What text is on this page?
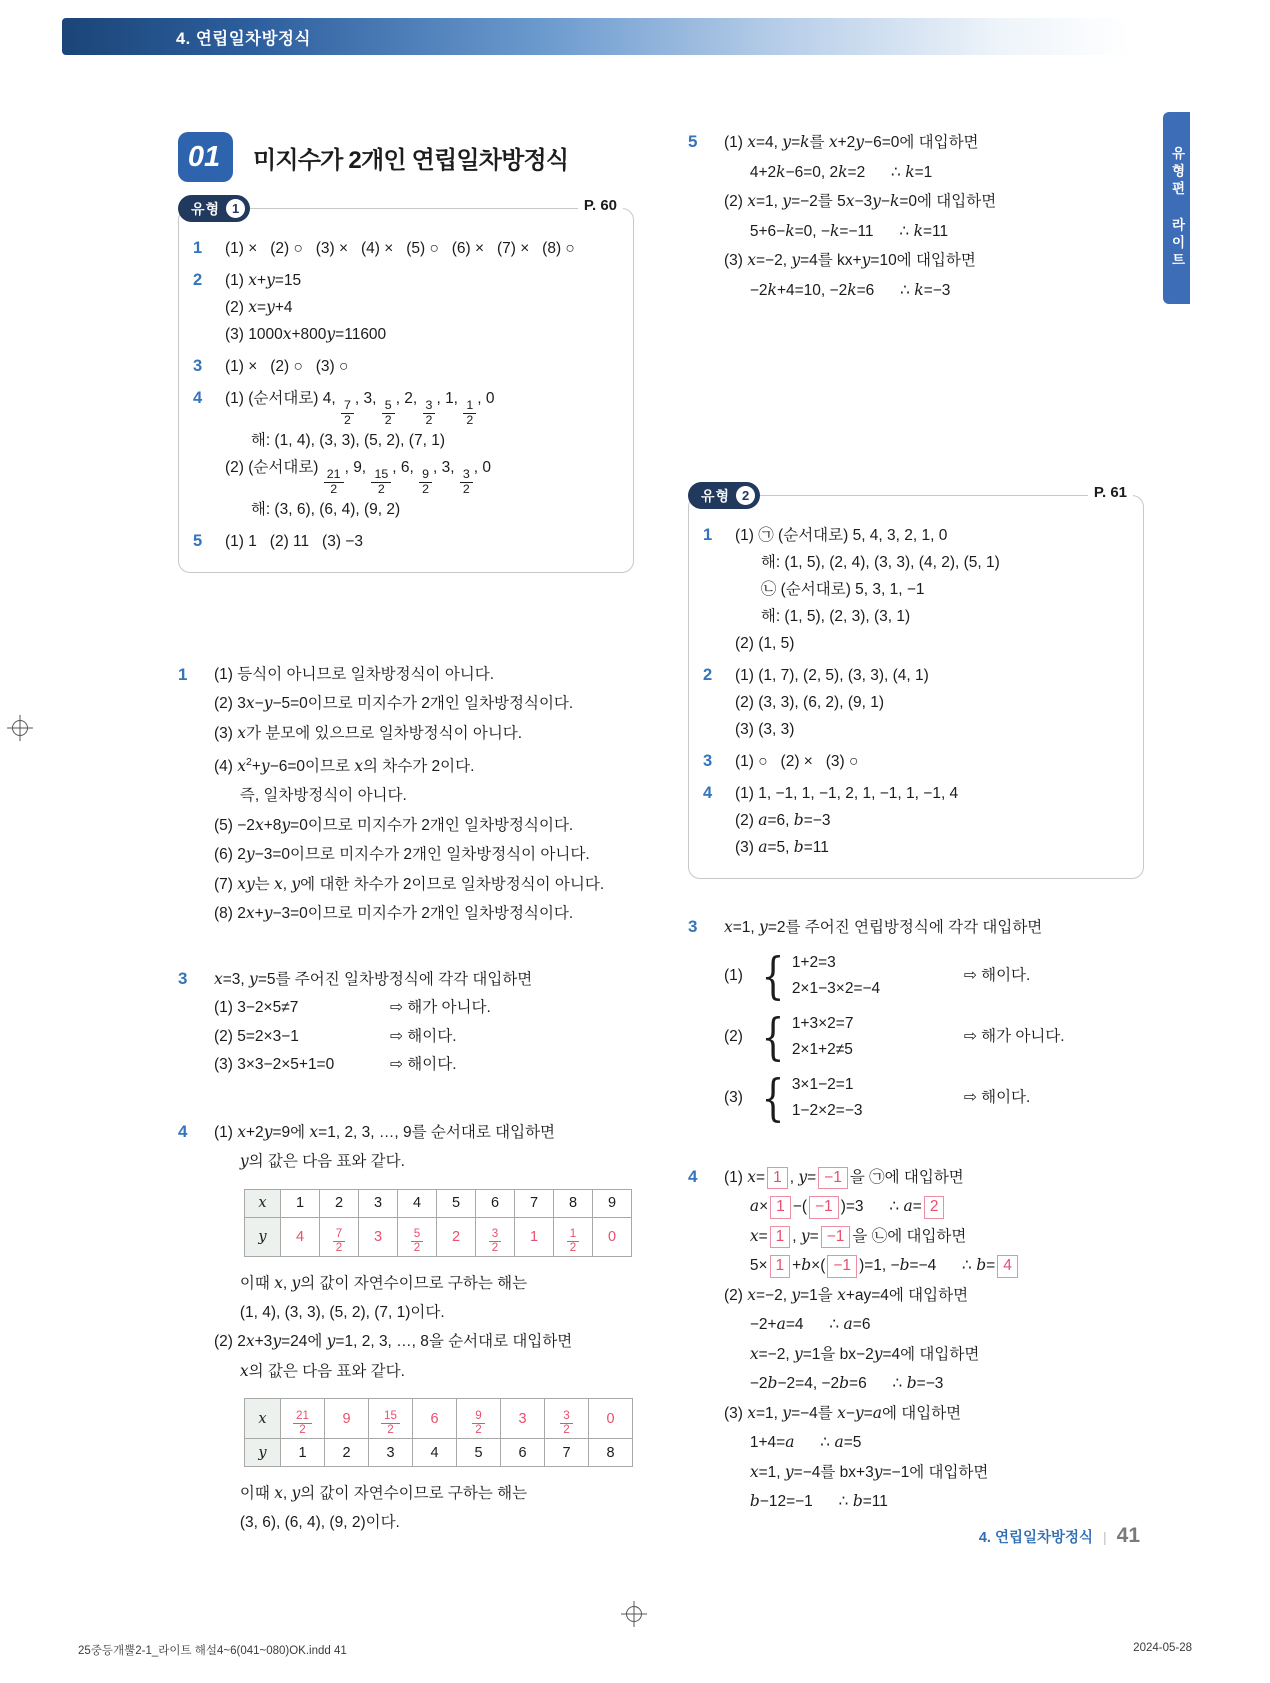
4. 연립일차방정식
유형편 라이트
01	미지수가 2개인 연립일차방정식
유형 1	P. 60
1	(1) ×   (2) ○   (3) ×   (4) ×   (5) ○   (6) ×   (7) ×   (8) ○
2	(1) x+y=15
(2) x=y+4
(3) 1000x+800y=11600
3	(1) ×   (2) ○   (3) ○
4	(1) (순서대로) 4,
$\frac{7}{2}$
, 3,
$\frac{5}{2}$
, 2,
$\frac{3}{2}$
, 1,
$\frac{1}{2}$
, 0
해: (1, 4), (3, 3), (5, 2), (7, 1)
(2) (순서대로)
$\frac{21}{2}$
, 9,
$\frac{15}{2}$
, 6,
$\frac{9}{2}$
, 3,
$\frac{3}{2}$
, 0
해: (3, 6), (6, 4), (9, 2)
5	(1) 1   (2) 11   (3) −3
1	(1) 등식이 아니므로 일차방정식이 아니다.
(2) 3x−y−5=0이므로 미지수가 2개인 일차방정식이다.
(3) x가 분모에 있으므로 일차방정식이 아니다.
(4) $x^2+y-6=0$이므로 x의 차수가 2이다.
즉, 일차방정식이 아니다.
(5) −2x+8y=0이므로 미지수가 2개인 일차방정식이다.
(6) 2y−3=0이므로 미지수가 2개인 일차방정식이 아니다.
(7) xy는 x, y에 대한 차수가 2이므로 일차방정식이 아니다.
(8) 2x+y−3=0이므로 미지수가 2개인 일차방정식이다.
3	x=3, y=5를 주어진 일차방정식에 각각 대입하면
(1) 3−2×5≠7	⇨ 해가 아니다.
(2) 5=2×3−1	⇨ 해이다.
(3) 3×3−2×5+1=0	⇨ 해이다.
4	(1) x+2y=9에 x=1, 2, 3, …, 9를 순서대로 대입하면
y의 값은 다음 표와 같다.
x	1	2	3	4	5	6	7	8	9
y	4	$\frac{7}{2}$	3	$\frac{5}{2}$	2	$\frac{3}{2}$	1	$\frac{1}{2}$	0
이때 x, y의 값이 자연수이므로 구하는 해는
(1, 4), (3, 3), (5, 2), (7, 1)이다.
(2) 2x+3y=24에 y=1, 2, 3, …, 8을 순서대로 대입하면
x의 값은 다음 표와 같다.
x	$\frac{21}{2}$	9	$\frac{15}{2}$	6	$\frac{9}{2}$	3	$\frac{3}{2}$	0
y	1	2	3	4	5	6	7	8
이때 x, y의 값이 자연수이므로 구하는 해는
(3, 6), (6, 4), (9, 2)이다.
5	(1) x=4, y=k를 x+2y−6=0에 대입하면
4+2k−6=0, 2k=2      ∴ k=1
(2) x=1, y=−2를 5x−3y−k=0에 대입하면
5+6−k=0, −k=−11      ∴ k=11
(3) x=−2, y=4를 kx+y=10에 대입하면
−2k+4=10, −2k=6      ∴ k=−3
유형 2	P. 61
1	(1) ㉠ (순서대로) 5, 4, 3, 2, 1, 0
해: (1, 5), (2, 4), (3, 3), (4, 2), (5, 1)
㉡ (순서대로) 5, 3, 1, −1
해: (1, 5), (2, 3), (3, 1)
(2) (1, 5)
2	(1) (1, 7), (2, 5), (3, 3), (4, 1)
(2) (3, 3), (6, 2), (9, 1)
(3) (3, 3)
3	(1) ○   (2) ×   (3) ○
4	(1) 1, −1, 1, −1, 2, 1, −1, 1, −1, 4
(2) a=6, b=−3
(3) a=5, b=11
3	x=1, y=2를 주어진 연립방정식에 각각 대입하면
(1) { 1+2=3
2×1−3×2=−4
⇨ 해이다.
(2) { 1+3×2=7
2×1+2≠5
⇨ 해가 아니다.
(3) { 3×1−2=1
1−2×2=−3
⇨ 해이다.
4	(1) x= 1 , y= −1 을 ㉠에 대입하면
a× 1 −( −1 )=3      ∴ a= 2
x= 1 , y= −1 을 ㉡에 대입하면
5× 1 +b×( −1 )=1, −b=−4      ∴ b= 4
(2) x=−2, y=1을 x+ay=4에 대입하면
−2+a=4      ∴ a=6
x=−2, y=1을 bx−2y=4에 대입하면
−2b−2=4, −2b=6      ∴ b=−3
(3) x=1, y=−4를 x−y=a에 대입하면
1+4=a      ∴ a=5
x=1, y=−4를 bx+3y=−1에 대입하면
b−12=−1      ∴ b=11
4. 연립일차방정식 | 41
25중등개뿔2-1_라이트 해설4~6(041~080)OK.indd 41	2024-05-28
